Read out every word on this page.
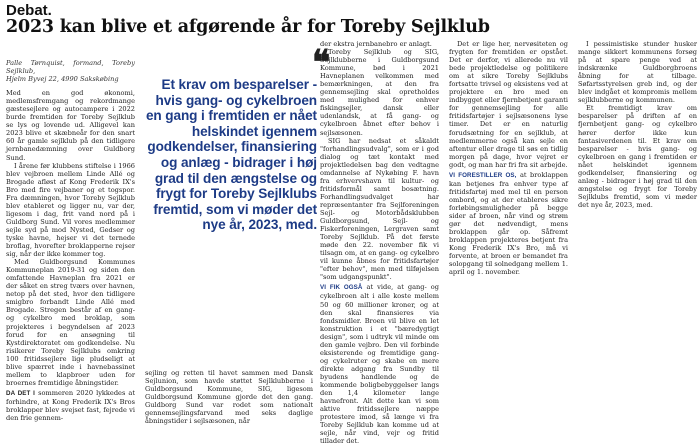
Debat.
2023 kan blive et afgørende år for Toreby Sejlklub

Palle Tørnquist, formand, Toreby Sejlklub,

Hjelm Byvej 22, 4990 Sakskøbing

Med en god økonomi, medlemsfremgang og rekordmange gæstesejlere og autocampere i 2022 burde fremtiden for Toreby Sejlklub se lys og lovende ud. Alligevel kan 2023 blive et skæbneår for den snart 60 år gamle sejlklub på den tidligere jernbanedæmning over Guldborg Sund.

I årene før klubbens stiftelse i 1966 blev vejbroen mellem Linde Allé og Brogade afløst af Kong Frederik IX's Bro med fire vejbaner og et togspor. Fra dæmningen, hvor Toreby Sejlklub blev etableret og ligger nu, var der, ligesom i dag, frit vand nord på i Guldborg Sund. Vil vores medlemmer sejle syd på mod Nysted, Gedser og tyske havne, hejser vi det ternede broflag, hvorefter broklapperne rejser sig, når der ikke kommer tog.

Med Guldborgsund Kommunes Kommuneplan 2019-31 og siden den omfattende Havneplan fra 2021 er der såket en streg tværs over havnen, netop på det sted, hvor den tidligere smigbro forbandt Linde Allé med Brogade. Stregen består af en gang- og cykelbro med broklap, som projekteres i begyndelsen af 2023 forud for en ansøgning til Kystdirektoratet om godkendelse. Nu risikerer Toreby Sejlklubs omkring 100 fritidssejlere lige pludseligt at blive spærret inde i havnebassinet mellem to klapbroer uden for broernes fremtidige åbningstider.

DA DET I sommeren 2020 lykkedes at forhindre, at Kong Frederik IX's Bros broklapper blev svejset fast, fejrede vi den frie gennem-

❝
Et krav om besparelser - hvis gang- og cykelbroen en gang i fremtiden er nået helskindet igennem godkendelser, finansiering og anlæg - bidrager i høj grad til den ængstelse og frygt for Toreby Sejlklubs fremtid, som vi møder det nye år, 2023, med.

sejling og retten til havet sammen med Dansk Sejlunion, som havde støttet Sejlklubberne i Guldborgsund Kommune, SIG, ligesom Guldborgsund Kommune gjorde det den gang. Guldborg Sund var rodet som nationalt gennemsejlingsfarvand med seks daglige åbningstider i sejlsæsonen, når

der ekstra jernbanebro er anlagt.

Toreby Sejlklub og SIG, Sejlklubberne i Guldborgsund Kommune, bød i 2021 Havneplanen velkommen med bemærkningen, at den fra gennemsejling skal opretholdes med mulighed for enhver fiskingsejler, dansk eller udenlandsk, at få gang- og cykelbroen åbnet efter behov i sejlsæsonen.

SIG har nedsat et såkaldt "forhandlingsudvalg", som er i god dialog og tæt kontakt med projektledelsen bag den vedtagne omdannelse af Nykøbing F. havn fra erhvervshavn til kultur- og fritidsformål samt bosætning. Forhandlingsudvalget har repræsentanter fra Sejlforeningen Sejl- og Motorbådsklubben Guldborgsund, Sejl- og Fiskerforeningen, Lergraven samt Toreby Sejlklub. På det første møde den 22. november fik vi tilsagn om, at en gang- og cykelbro vil kunne åbnes for fritidsfartøjer "efter behov", men med tilføjelsen "som udgangspunkt".

VI FIK OGSÅ at vide, at gang- og cykelbroen alt i alle koste mellem 50 og 60 millioner kroner, og at den skal finansieres via fondsmidler. Broen vil blive en let konstruktion i et "bæredygtigt design", som i udtryk vil minde om den gamle vejbro. Den vil forbinde eksisterende og fremtidige gang- og cykelruter og skabe en mere direkte adgang fra Sundby til byudens handlende og de kommende boligbebyggelser langs den 1,4 kilometer lange havnefront. Alt dette kan vi som aktive fritidssejlere næppe protestere imod, så længe vi fra Toreby Sejlklub kan komme ud at sejle, når vind, vejr og fritid tillader det.

Det er lige her, nervøsiteten og frygten for fremtiden er opstået. Det er derfor, vi allerede nu vil bede projektledelse og politikere om at sikre Toreby Sejlklubs fortsatte trivsel og eksistens ved at projektere en bro med en indbygget eller fjernbetjent garanti for gennemsejling for alle fritidsfartøjer i sejlsæsonens lyse timer. Det er en naturlig forudsætning for en sejlklub, at medlemmerne også kan sejle en aftentur eller drage til søs en tidlig morgen på dage, hvor vejret er godt, og man har fri fra sit arbejde.

VI FORESTILLER OS, at broklappen kan betjenes fra enhver type af fritidsfartøj med mel til en person ombord, og at der etableres sikre forløbingsmuligheder på begge sider af broen, når vind og strøm gør det nødvendigt, mens broklappen går op. Såfremt broklappen projekteres betjent fra Kong Frederik IX's Bro, må vi forvente, at broen er bemandet fra solopgang til solnedgang mellem 1. april og 1. november.

I pessimistiske stunder husker mange sikkert kommunens forsøg på at spare penge ved at indskrænke Guldborgbroens åbning for at tilbage. Søfartsstyrelsen greb ind, og der blev indgået et kompromis mellem sejlklubberne og kommunen.

Et fremtidigt krav om besparelser på driften af en fjernbetjent gang- og cykelbro hører derfor ikke kun fantasiverdenen til. Et krav om besparelser - hvis gang- og cykelbroen en gang i fremtiden er nået helskindet igennem godkendelser, finansiering og anlæg - bidrager i høj grad til den ængstelse og frygt for Toreby Sejlklubs fremtid, som vi møder det nye år, 2023, med.
